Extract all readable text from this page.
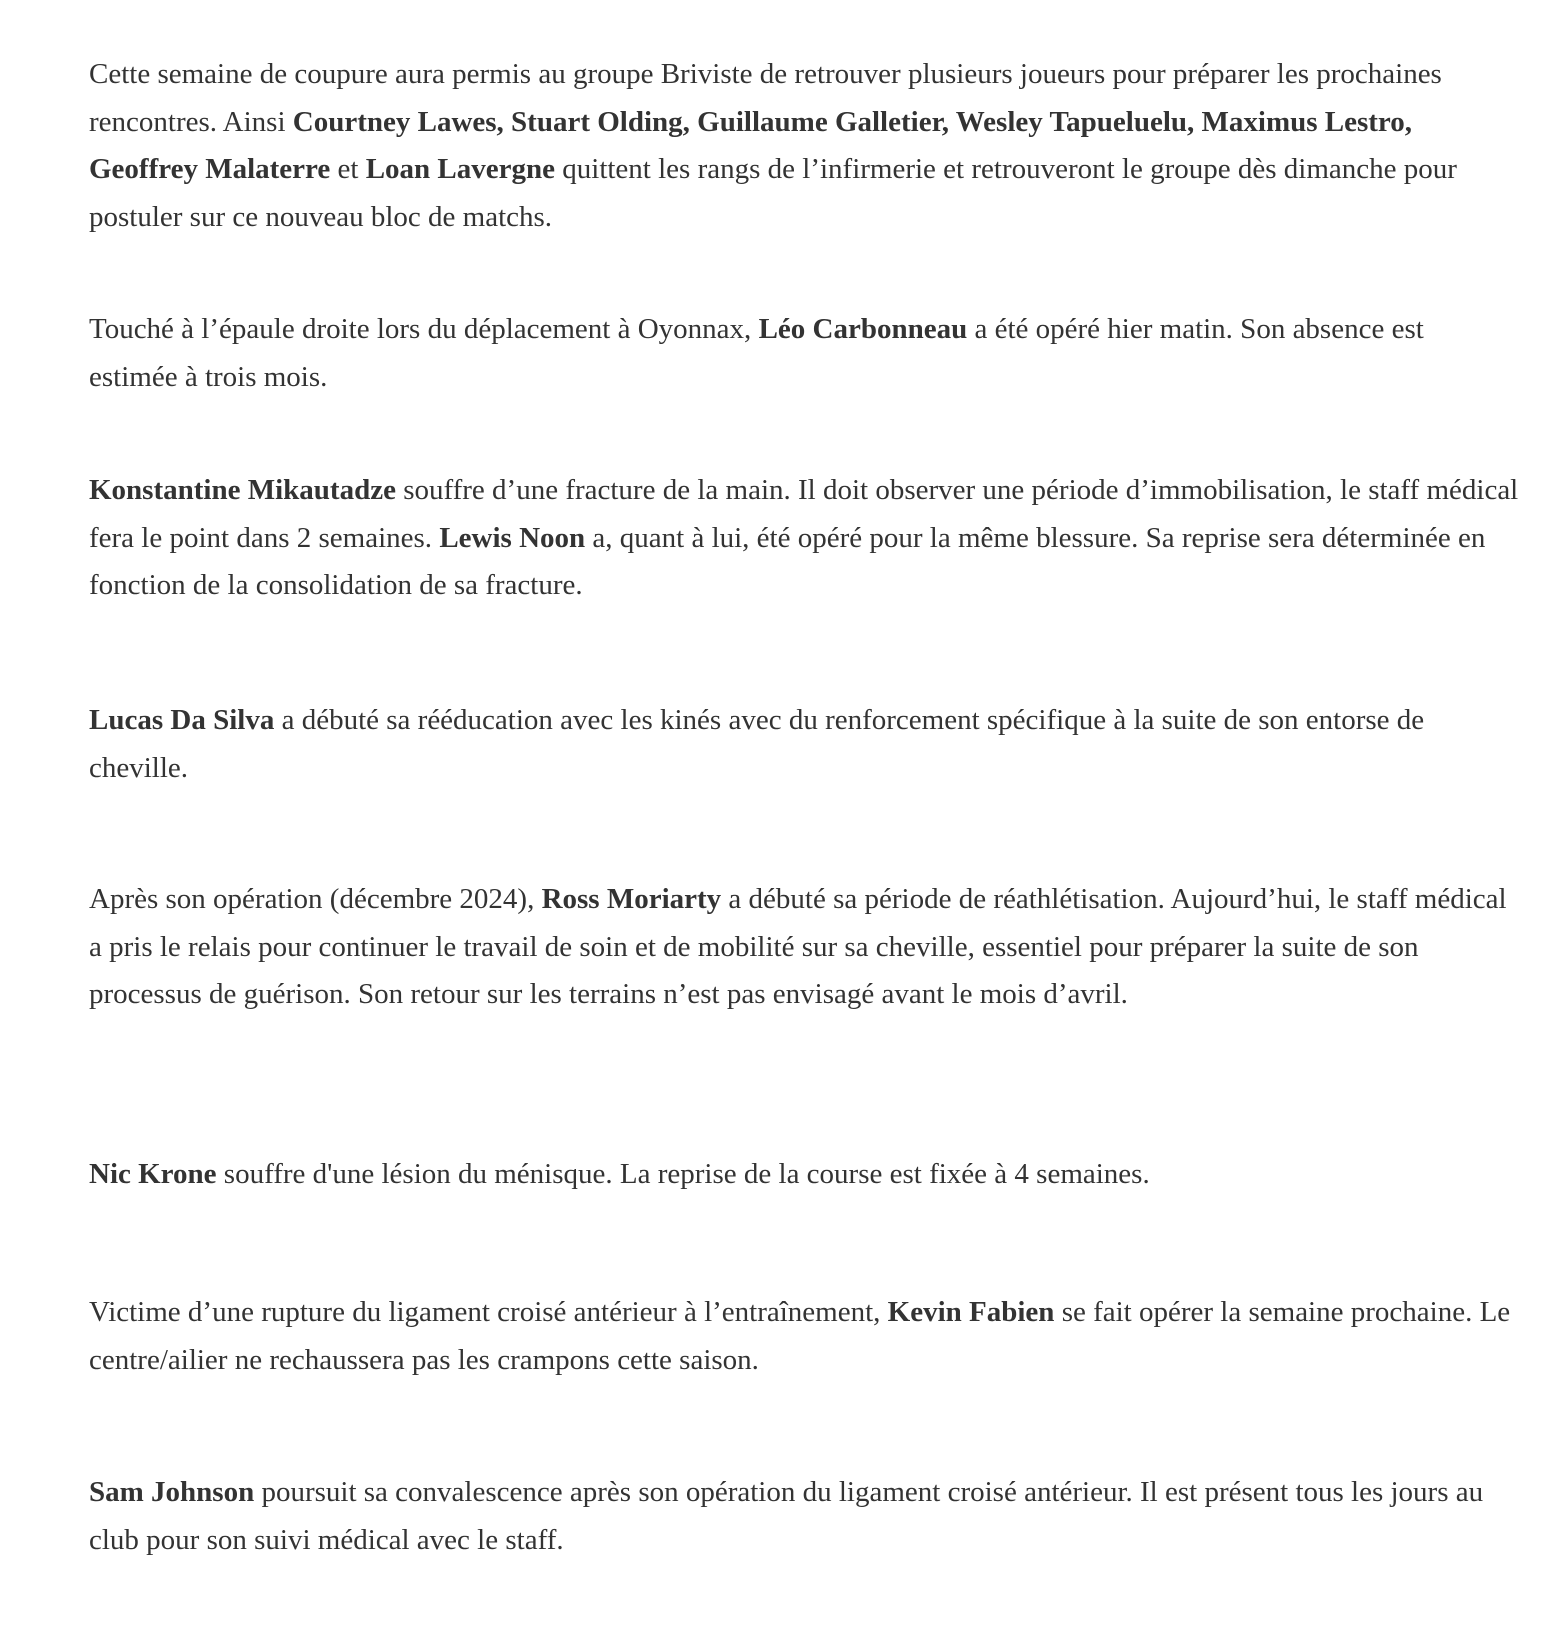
Cette semaine de coupure aura permis au groupe Briviste de retrouver plusieurs joueurs pour préparer les prochaines rencontres. Ainsi Courtney Lawes, Stuart Olding, Guillaume Galletier, Wesley Tapueluelu, Maximus Lestro, Geoffrey Malaterre et Loan Lavergne quittent les rangs de l’infirmerie et retrouveront le groupe dès dimanche pour postuler sur ce nouveau bloc de matchs.

Touché à l’épaule droite lors du déplacement à Oyonnax, Léo Carbonneau a été opéré hier matin. Son absence est estimée à trois mois.

Konstantine Mikautadze souffre d’une fracture de la main. Il doit observer une période d’immobilisation, le staff médical fera le point dans 2 semaines. Lewis Noon a, quant à lui, été opéré pour la même blessure. Sa reprise sera déterminée en fonction de la consolidation de sa fracture.

Lucas Da Silva a débuté sa rééducation avec les kinés avec du renforcement spécifique à la suite de son entorse de cheville.

Après son opération (décembre 2024), Ross Moriarty a débuté sa période de réathlétisation. Aujourd’hui, le staff médical a pris le relais pour continuer le travail de soin et de mobilité sur sa cheville, essentiel pour préparer la suite de son processus de guérison. Son retour sur les terrains n’est pas envisagé avant le mois d’avril.

Nic Krone souffre d'une lésion du ménisque. La reprise de la course est fixée à 4 semaines.

Victime d’une rupture du ligament croisé antérieur à l’entraînement, Kevin Fabien se fait opérer la semaine prochaine. Le centre/ailier ne rechaussera pas les crampons cette saison.

Sam Johnson poursuit sa convalescence après son opération du ligament croisé antérieur. Il est présent tous les jours au club pour son suivi médical avec le staff.
